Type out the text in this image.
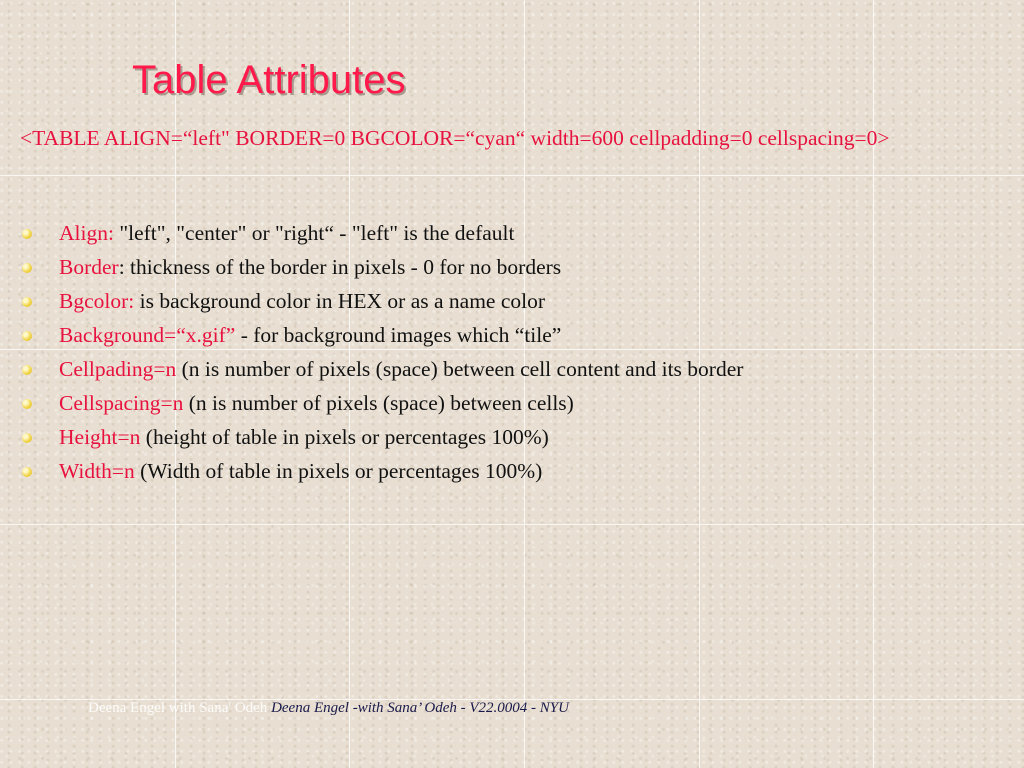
Table Attributes
<TABLE ALIGN=“left" BORDER=0 BGCOLOR=“cyan“ width=600 cellpadding=0 cellspacing=0>
Align: "left", "center" or "right“ - "left" is the default
Border: thickness of the border in pixels - 0 for no borders
Bgcolor: is background color in HEX or as a name color
Background=“x.gif” - for background images which “tile”
Cellpading=n (n is number of pixels (space) between cell content and its border
Cellspacing=n (n is number of pixels (space) between cells)
Height=n (height of table in pixels or percentages 100%)
Width=n (Width of table in pixels or percentages 100%)
Deena Engel with Sana' Odeh Deena Engel -with Sana’ Odeh - V22.0004 - NYU
